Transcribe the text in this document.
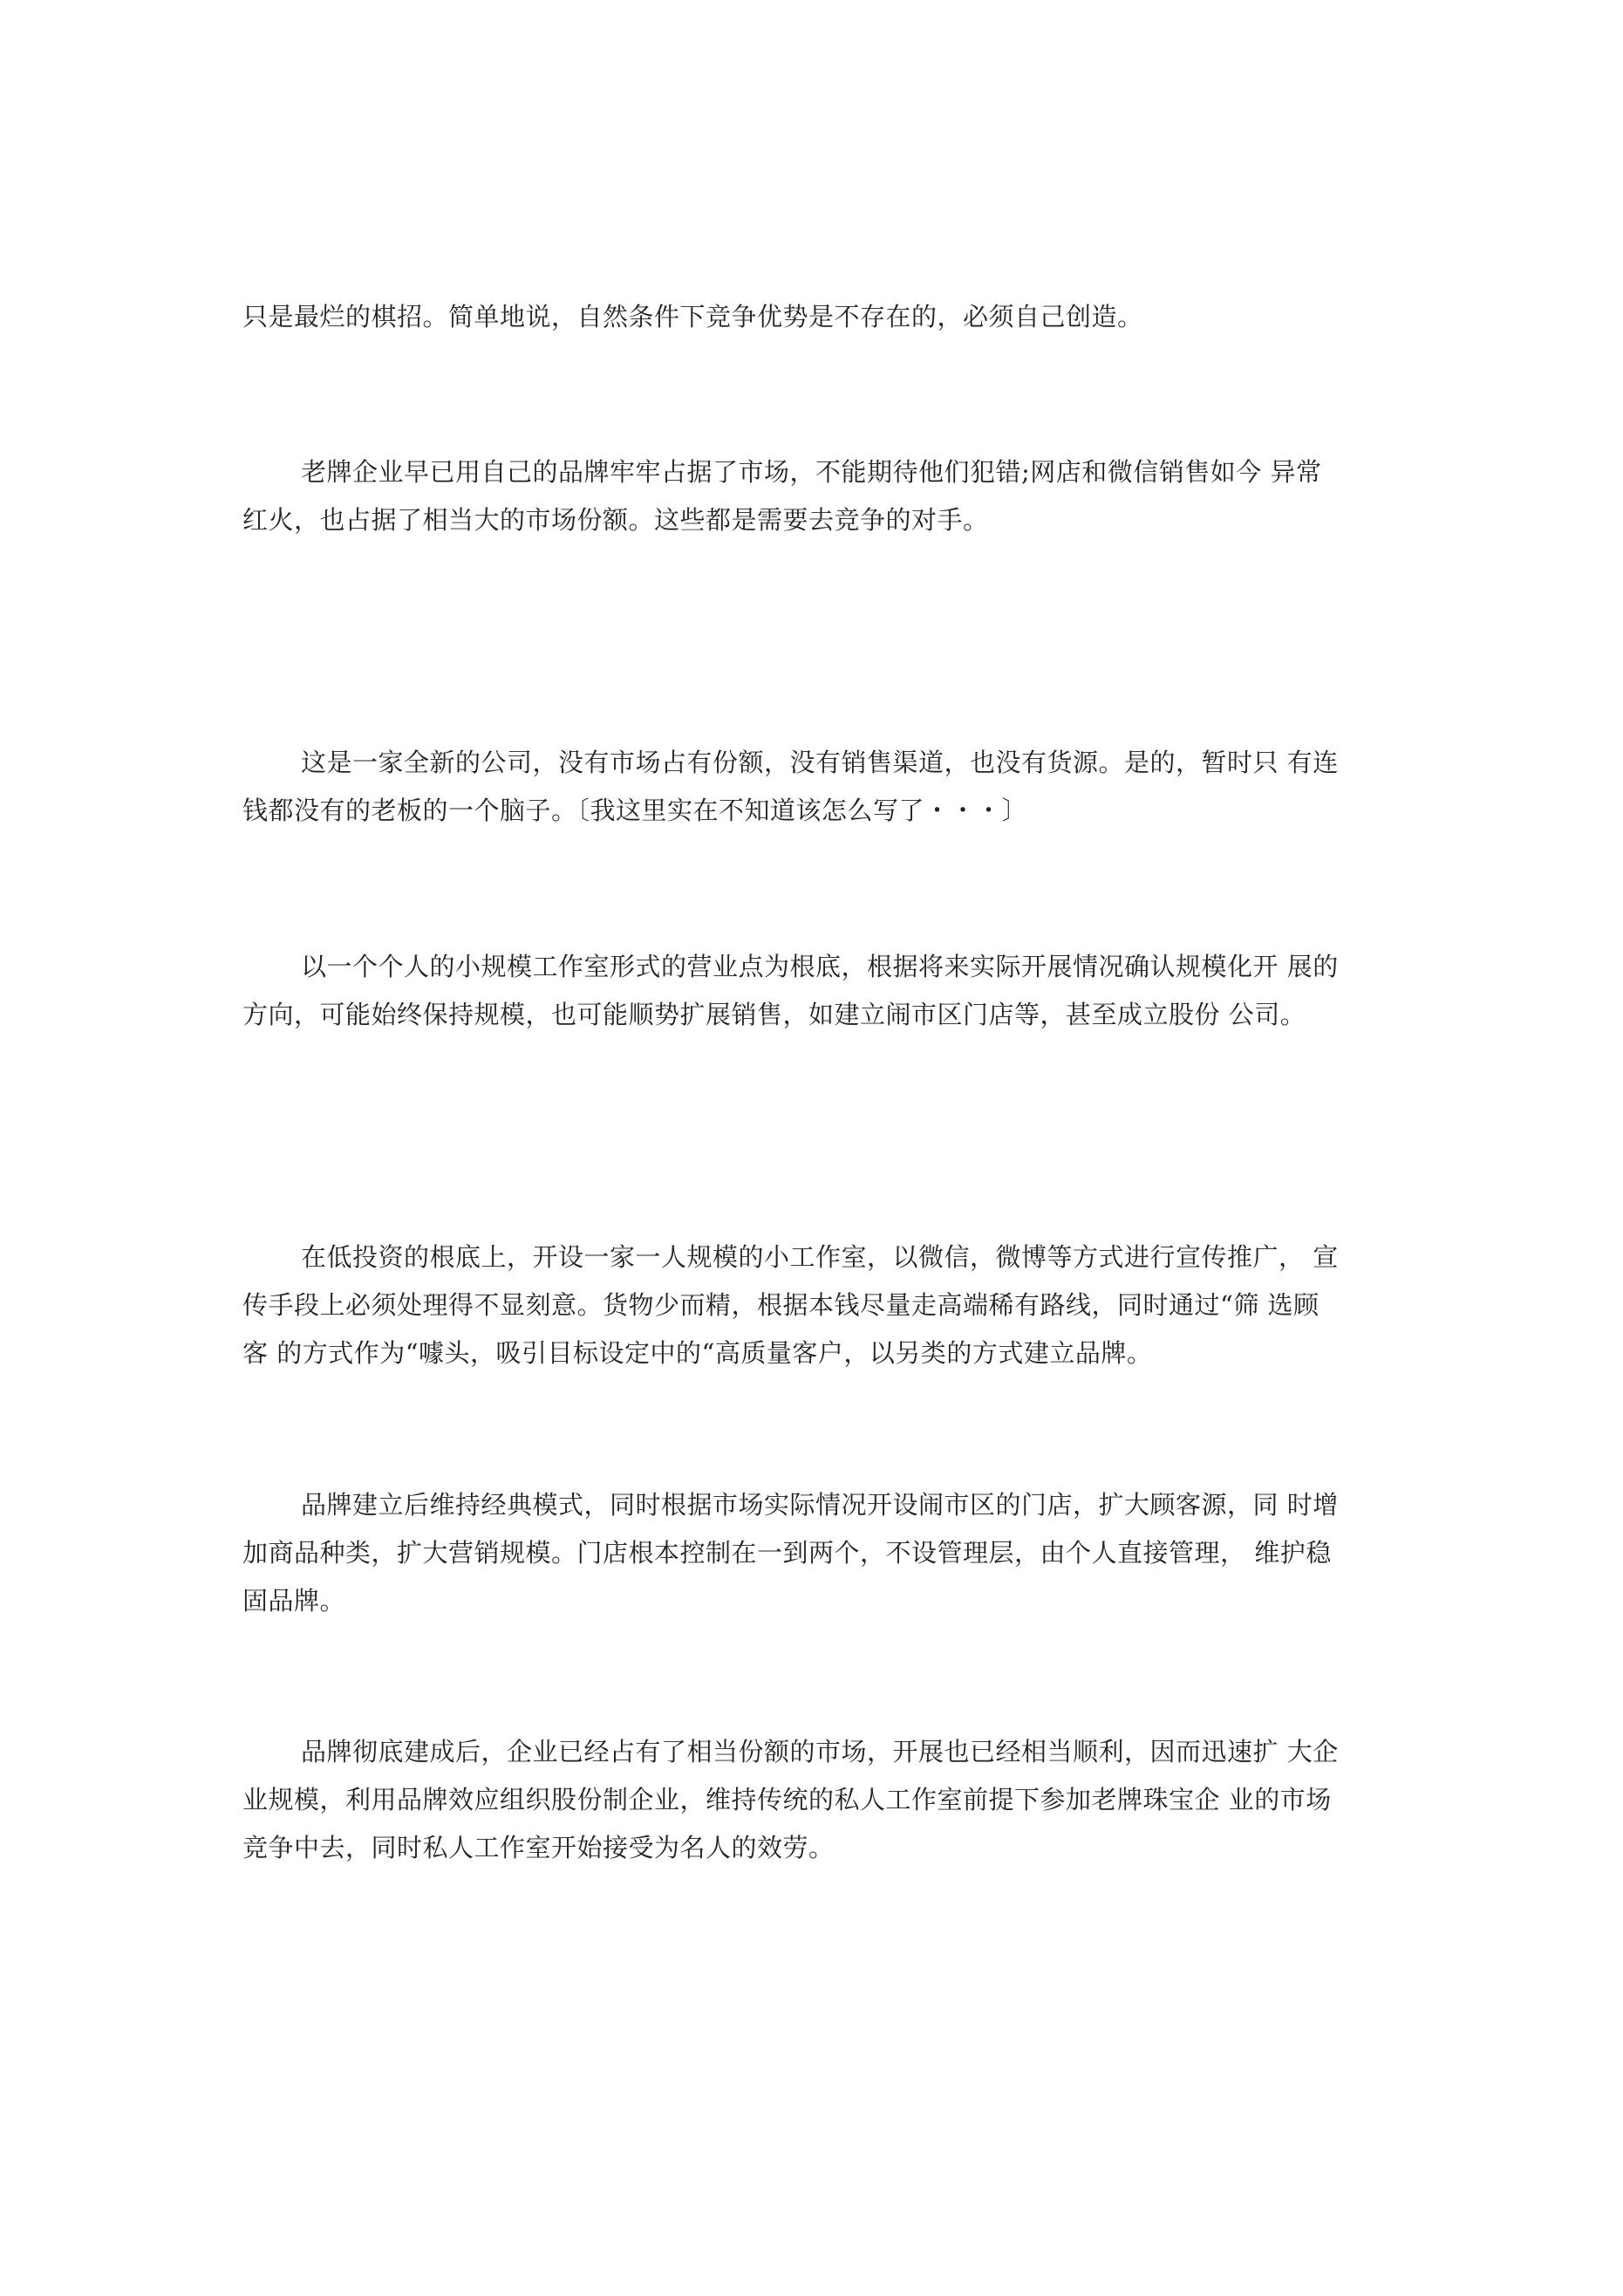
只是最烂的棋招。简单地说，自然条件下竞争优势是不存在的，必须自己创造。

老牌企业早已用自己的品牌牢牢占据了市场，不能期待他们犯错;网店和微信销售如今 异常
红火，也占据了相当大的市场份额。这些都是需要去竞争的对手。

这是一家全新的公司，没有市场占有份额，没有销售渠道，也没有货源。是的，暂时只 有连
钱都没有的老板的一个脑子。〔我这里实在不知道该怎么写了・・・〕

以一个个人的小规模工作室形式的营业点为根底，根据将来实际开展情况确认规模化开 展的
方向，可能始终保持规模，也可能顺势扩展销售，如建立闹市区门店等，甚至成立股份 公司。

在低投资的根底上，开设一家一人规模的小工作室，以微信，微博等方式进行宣传推广， 宣
传手段上必须处理得不显刻意。货物少而精，根据本钱尽量走高端稀有路线，同时通过“筛 选顾
客 的方式作为“噱头，吸引目标设定中的“高质量客户，以另类的方式建立品牌。

品牌建立后维持经典模式，同时根据市场实际情况开设闹市区的门店，扩大顾客源，同 时增
加商品种类，扩大营销规模。门店根本控制在一到两个，不设管理层，由个人直接管理， 维护稳
固品牌。

品牌彻底建成后，企业已经占有了相当份额的市场，开展也已经相当顺利，因而迅速扩 大企
业规模，利用品牌效应组织股份制企业，维持传统的私人工作室前提下参加老牌珠宝企 业的市场
竞争中去，同时私人工作室开始接受为名人的效劳。
